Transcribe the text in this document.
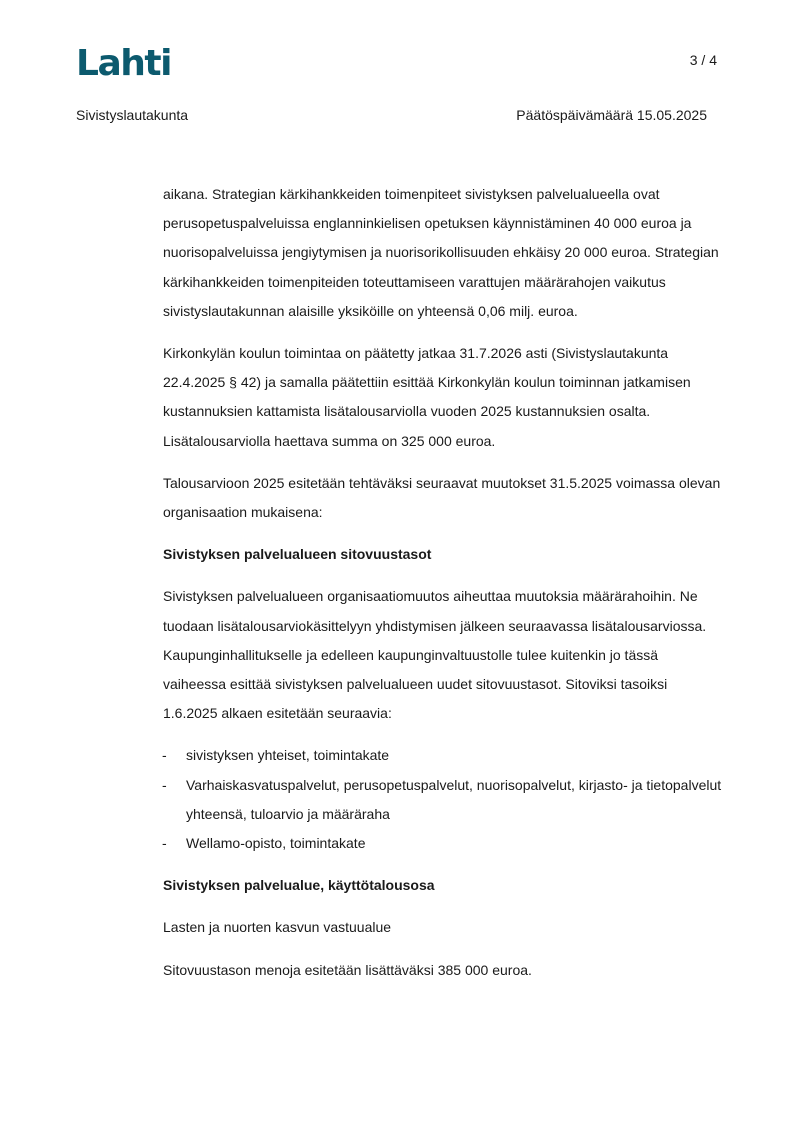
Lahti	3 / 4
Sivistyslautakunta	Päätöspäivämäärä 15.05.2025

aikana. Strategian kärkihankkeiden toimenpiteet sivistyksen palvelualueella ovat perusopetuspalveluissa englanninkielisen opetuksen käynnistäminen 40 000 euroa ja nuorisopalveluissa jengiytymisen ja nuorisorikollisuuden ehkäisy 20 000 euroa. Strategian kärkihankkeiden toimenpiteiden toteuttamiseen varattujen määrärahojen vaikutus sivistyslautakunnan alaisille yksiköille on yhteensä 0,06 milj. euroa.

Kirkonkylän koulun toimintaa on päätetty jatkaa 31.7.2026 asti (Sivistyslautakunta 22.4.2025 § 42) ja samalla päätettiin esittää Kirkonkylän koulun toiminnan jatkamisen kustannuksien kattamista lisätalousarviolla vuoden 2025 kustannuksien osalta. Lisätalousarviolla haettava summa on 325 000 euroa.

Talousarvioon 2025 esitetään tehtäväksi seuraavat muutokset 31.5.2025 voimassa olevan organisaation mukaisena:

Sivistyksen palvelualueen sitovuustasot

Sivistyksen palvelualueen organisaatiomuutos aiheuttaa muutoksia määrärahoihin. Ne tuodaan lisätalousarviokäsittelyyn yhdistymisen jälkeen seuraavassa lisätalousarviossa. Kaupunginhallitukselle ja edelleen kaupunginvaltuustolle tulee kuitenkin jo tässä vaiheessa esittää sivistyksen palvelualueen uudet sitovuustasot. Sitoviksi tasoiksi 1.6.2025 alkaen esitetään seuraavia:

-	sivistyksen yhteiset, toimintakate
-	Varhaiskasvatuspalvelut, perusopetuspalvelut, nuorisopalvelut, kirjasto- ja tietopalvelut yhteensä, tuloarvio ja määräraha
-	Wellamo-opisto, toimintakate
Sivistyksen palvelualue, käyttötalousosa

Lasten ja nuorten kasvun vastuualue

Sitovuustason menoja esitetään lisättäväksi 385 000 euroa.
